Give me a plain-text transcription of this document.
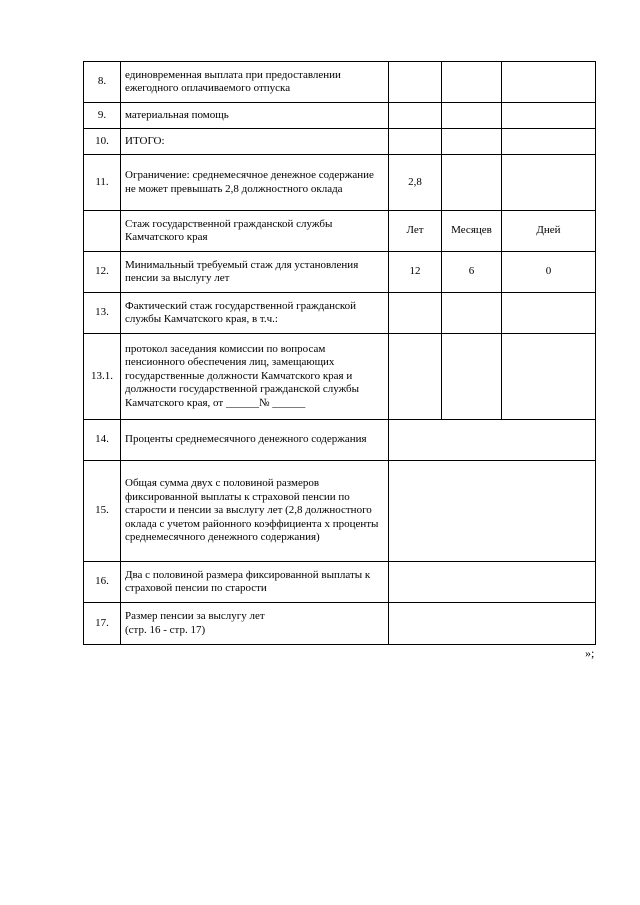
8.	единовременная выплата при предоставлении ежегодного оплачиваемого отпуска			
9.	материальная помощь			
10.	ИТОГО:			
11.	Ограничение: среднемесячное денежное содержание не может превышать 2,8 должностного оклада	2,8		
	Стаж государственной гражданской службы Камчатского края	Лет	Месяцев	Дней
12.	Минимальный требуемый стаж для установления пенсии за выслугу лет	12	6	0
13.	Фактический стаж государственной гражданской службы Камчатского края, в т.ч.:			
13.1.	протокол заседания комиссии по вопросам пенсионного обеспечения лиц, замещающих государственные должности Камчатского края и должности государственной гражданской службы Камчатского края, от ______№ ______			
14.	Проценты среднемесячного денежного содержания			
15.	Общая сумма двух с половиной размеров фиксированной выплаты к страховой пенсии по старости и пенсии за выслугу лет (2,8 должностного оклада с учетом районного коэффициента х проценты среднемесячного денежного содержания)			
16.	Два с половиной размера фиксированной выплаты к страховой пенсии по старости			
17.	Размер пенсии за выслугу лет
(стр. 16 - стр. 17)			
»;
